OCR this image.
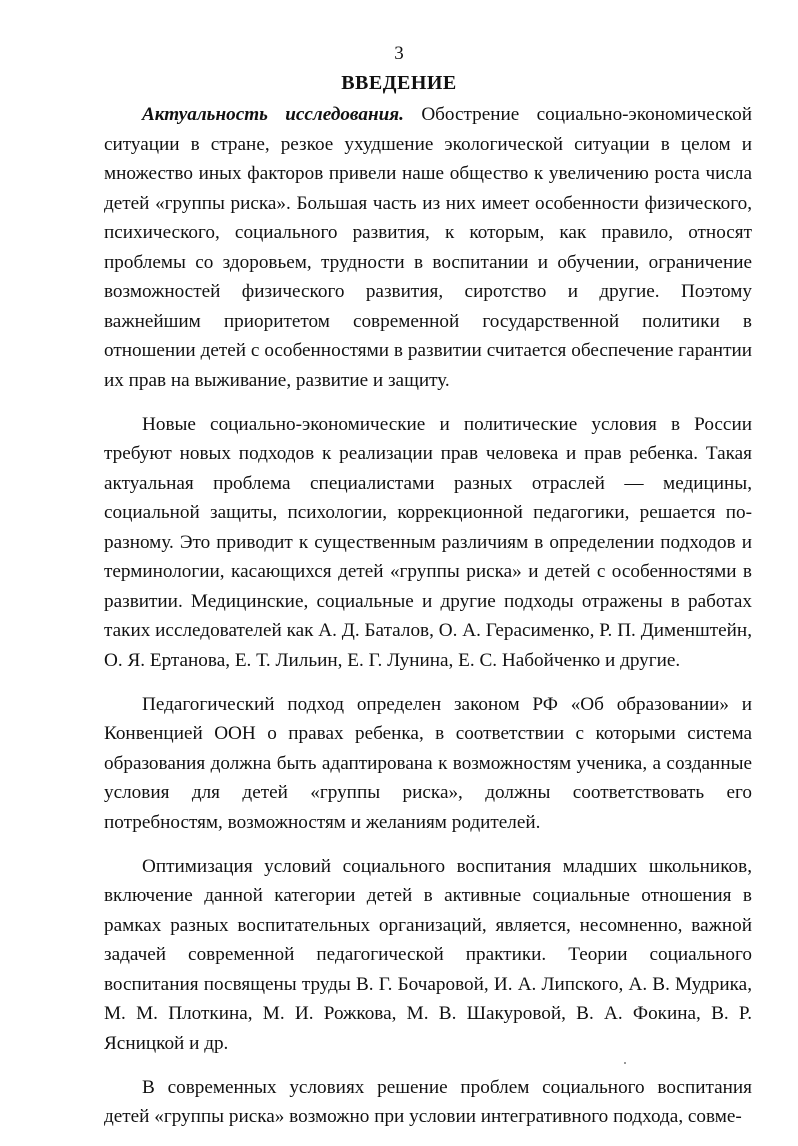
3
ВВЕДЕНИЕ

Актуальность исследования. Обострение социально-экономической ситуации в стране, резкое ухудшение экологической ситуации в целом и множество иных факторов привели наше общество к увеличению роста числа детей «группы риска». Большая часть из них имеет особенности физического, психического, социального развития, к которым, как правило, относят проблемы со здоровьем, трудности в воспитании и обучении, ограничение возможностей физического развития, сиротство и другие. Поэтому важнейшим приоритетом современной государственной политики в отношении детей с особенностями в развитии считается обеспечение гарантии их прав на выживание, развитие и защиту.

Новые социально-экономические и политические условия в России требуют новых подходов к реализации прав человека и прав ребенка. Такая актуальная проблема специалистами разных отраслей — медицины, социальной защиты, психологии, коррекционной педагогики, решается по-разному. Это приводит к существенным различиям в определении подходов и терминологии, касающихся детей «группы риска» и детей с особенностями в развитии. Медицинские, социальные и другие подходы отражены в работах таких исследователей как А. Д. Баталов, О. А. Герасименко, Р. П. Дименштейн, О. Я. Ертанова, Е. Т. Лильин, Е. Г. Лунина, Е. С. Набойченко и другие.

Педагогический подход определен законом РФ «Об образовании» и Конвенцией ООН о правах ребенка, в соответствии с которыми система образования должна быть адаптирована к возможностям ученика, а созданные условия для детей «группы риска», должны соответствовать его потребностям, возможностям и желаниям родителей.

Оптимизация условий социального воспитания младших школьников, включение данной категории детей в активные социальные отношения в рамках разных воспитательных организаций, является, несомненно, важной задачей современной педагогической практики. Теории социального воспитания посвящены труды В. Г. Бочаровой, И. А. Липского, А. В. Мудрика, М. М. Плоткина, М. И. Рожкова, М. В. Шакуровой, В. А. Фокина, В. Р. Ясницкой и др.

В современных условиях решение проблем социального воспитания детей «группы риска» возможно при условии интегративного подхода, совме-
